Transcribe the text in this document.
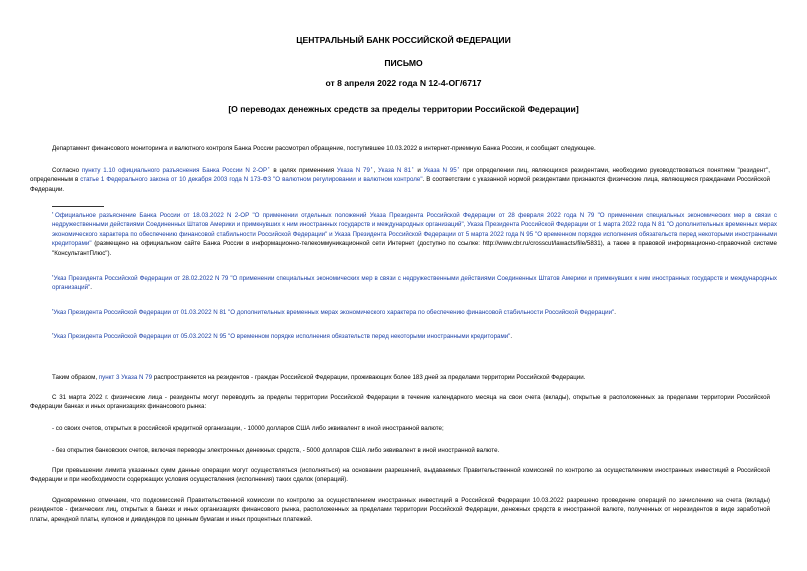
ЦЕНТРАЛЬНЫЙ БАНК РОССИЙСКОЙ ФЕДЕРАЦИИ
ПИСЬМО
от 8 апреля 2022 года N 12-4-ОГ/6717
[О переводах денежных средств за пределы территории Российской Федерации]

Департамент финансового мониторинга и валютного контроля Банка России рассмотрел обращение, поступившее 10.03.2022 в интернет-приемную Банка России, и сообщает следующее.

Согласно пункту 1.10 официального разъяснения Банка России N 2-ОР▪ в целях применения Указа N 79▪, Указа N 81▪ и Указа N 95▪ при определении лиц, являющихся резидентами, необходимо руководствоваться понятием "резидент", определенным в статье 1 Федерального закона от 10 декабря 2003 года N 173-ФЗ "О валютном регулировании и валютном контроле". В соответствии с указанной нормой резидентами признаются физические лица, являющиеся гражданами Российской Федерации.

▪Официальное разъяснение Банка России от 18.03.2022 N 2-ОР "О применении отдельных положений Указа Президента Российской Федерации от 28 февраля 2022 года N 79 "О применении специальных экономических мер в связи с недружественными действиями Соединенных Штатов Америки и примкнувших к ним иностранных государств и международных организаций", Указа Президента Российской Федерации от 1 марта 2022 года N 81 "О дополнительных временных мерах экономического характера по обеспечению финансовой стабильности Российской Федерации" и Указа Президента Российской Федерации от 5 марта 2022 года N 95 "О временном порядке исполнения обязательств перед некоторыми иностранными кредиторами" (размещено на официальном сайте Банка России в информационно-телекоммуникационной сети Интернет (доступно по ссылке: http://www.cbr.ru/crosscut/lawacts/file/5831), а также в правовой информационно-справочной системе "КонсультантПлюс").

▪Указ Президента Российской Федерации от 28.02.2022 N 79 "О применении специальных экономических мер в связи с недружественными действиями Соединенных Штатов Америки и примкнувших к ним иностранных государств и международных организаций".

▪Указ Президента Российской Федерации от 01.03.2022 N 81 "О дополнительных временных мерах экономического характера по обеспечению финансовой стабильности Российской Федерации".

▪Указ Президента Российской Федерации от 05.03.2022 N 95 "О временном порядке исполнения обязательств перед некоторыми иностранными кредиторами".

Таким образом, пункт 3 Указа N 79 распространяется на резидентов - граждан Российской Федерации, проживающих более 183 дней за пределами территории Российской Федерации.

С 31 марта 2022 г. физические лица - резиденты могут переводить за пределы территории Российской Федерации в течение календарного месяца на свои счета (вклады), открытые в расположенных за пределами территории Российской Федерации банках и иных организациях финансового рынка:

- со своих счетов, открытых в российской кредитной организации, - 10000 долларов США либо эквивалент в иной иностранной валюте;

- без открытия банковских счетов, включая переводы электронных денежных средств, - 5000 долларов США либо эквивалент в иной иностранной валюте.

При превышении лимита указанных сумм данные операции могут осуществляться (исполняться) на основании разрешений, выдаваемых Правительственной комиссией по контролю за осуществлением иностранных инвестиций в Российской Федерации и при необходимости содержащих условия осуществления (исполнения) таких сделок (операций).

Одновременно отмечаем, что подкомиссией Правительственной комиссии по контролю за осуществлением иностранных инвестиций в Российской Федерации 10.03.2022 разрешено проведение операций по зачислению на счета (вклады) резидентов - физических лиц, открытых в банках и иных организациях финансового рынка, расположенных за пределами территории Российской Федерации, денежных средств в иностранной валюте, полученных от нерезидентов в виде заработной платы, арендной платы, купонов и дивидендов по ценным бумагам и иных процентных платежей.
